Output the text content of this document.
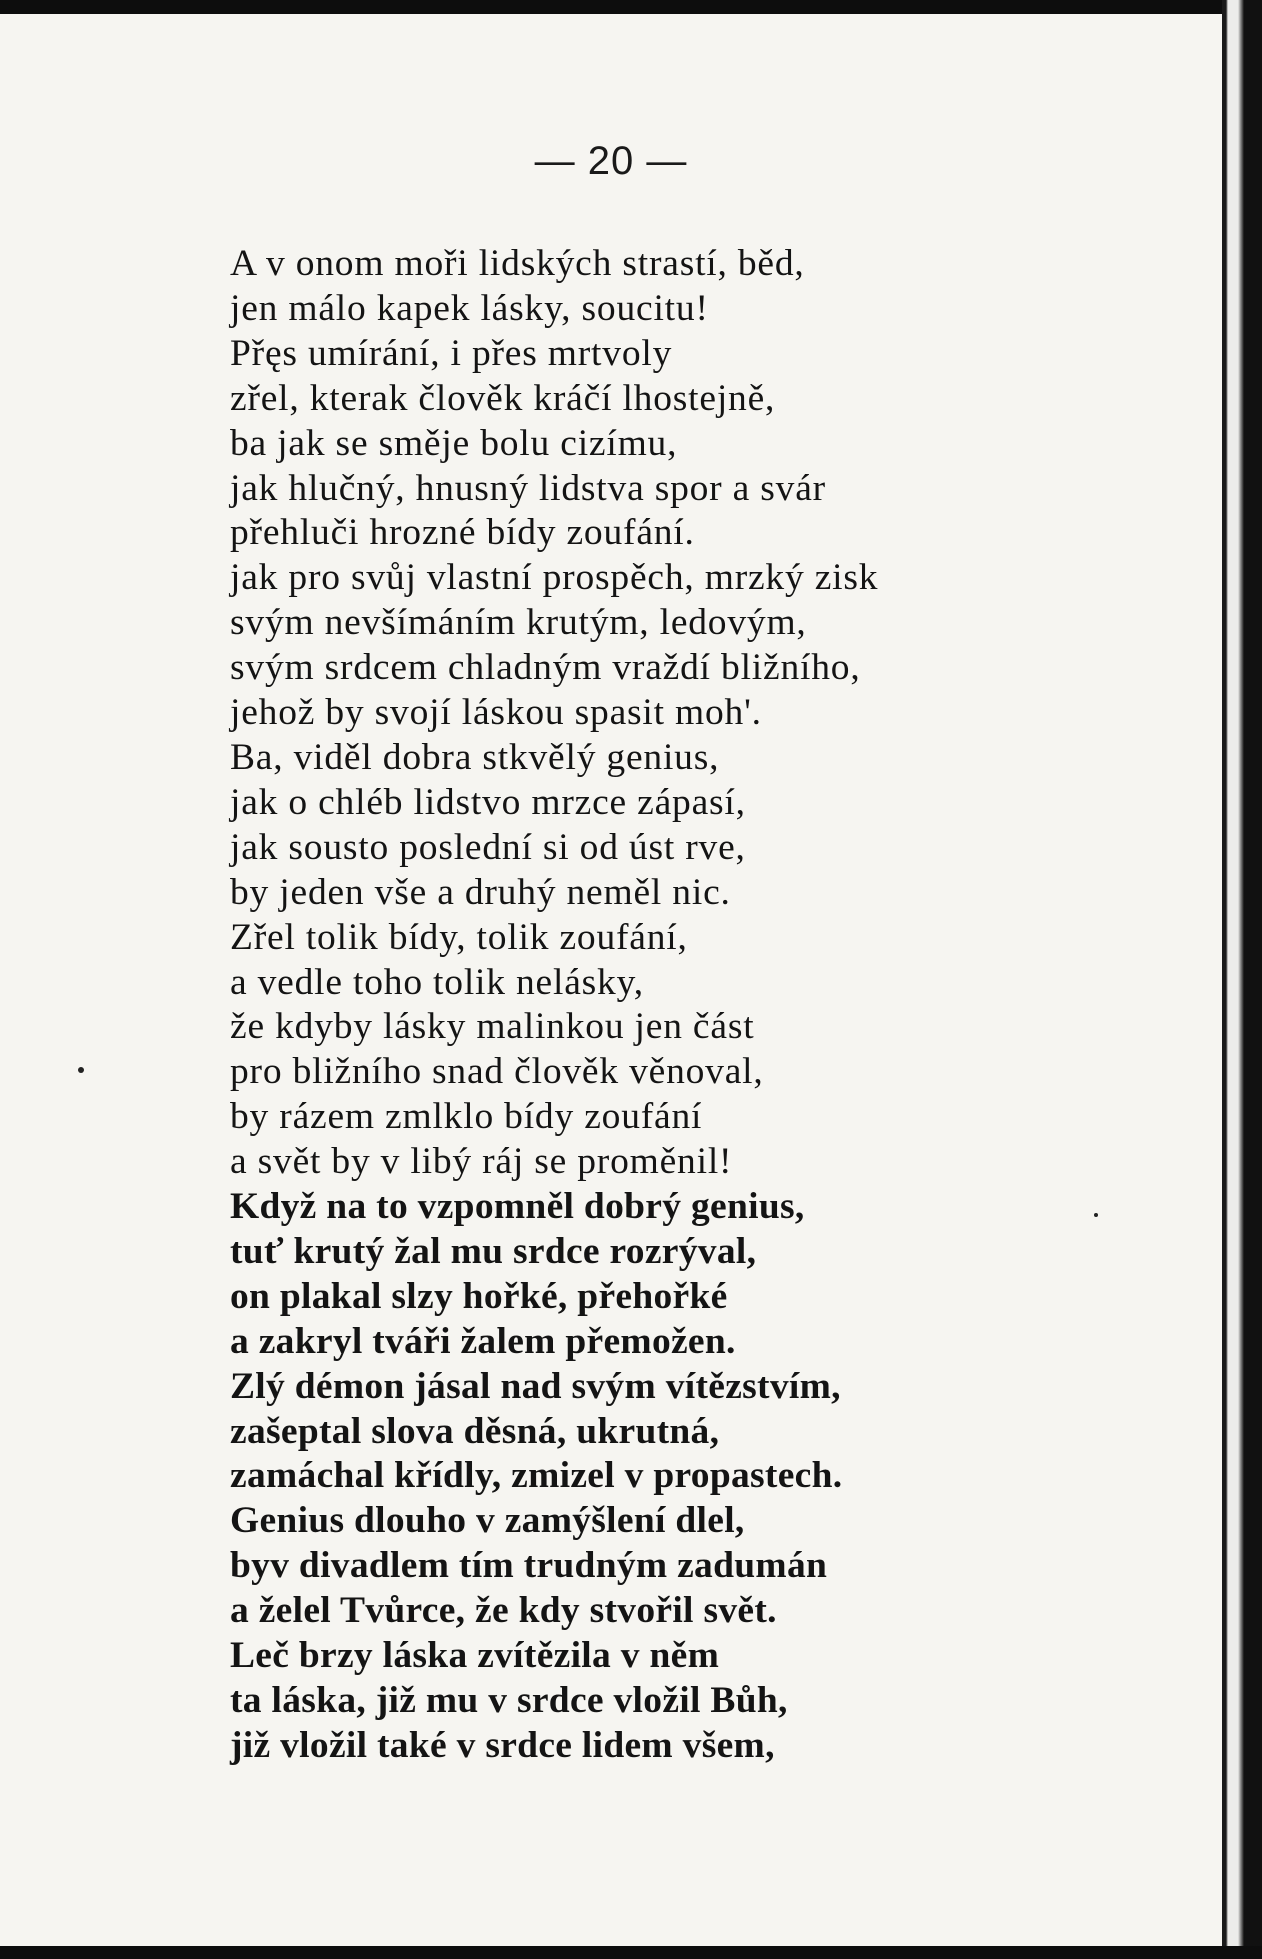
— 20 —
A v onom moři lidských strastí, běd,
jen málo kapek lásky, soucitu!
Přęs umírání, i přes mrtvoly
zřel, kterak člověk kráčí lhostejně,
ba jak se směje bolu cizímu,
jak hlučný, hnusný lidstva spor a svár
přehluči hrozné bídy zoufání.
jak pro svůj vlastní prospěch, mrzký zisk
svým nevšímáním krutým, ledovým,
svým srdcem chladným vraždí bližního,
jehož by svojí láskou spasit moh'.
Ba, viděl dobra stkvělý genius,
jak o chléb lidstvo mrzce zápasí,
jak sousto poslední si od úst rve,
by jeden vše a druhý neměl nic.
Zřel tolik bídy, tolik zoufání,
a vedle toho tolik nelásky,
že kdyby lásky malinkou jen část
pro bližního snad člověk věnoval,
by rázem zmlklo bídy zoufání
a svět by v libý ráj se proměnil!
Když na to vzpomněl dobrý genius,
tuť krutý žal mu srdce rozrýval,
on plakal slzy hořké, přehořké
a zakryl tváři žalem přemožen.
Zlý démon jásal nad svým vítězstvím,
zašeptal slova děsná, ukrutná,
zamáchal křídly, zmizel v propastech.
Genius dlouho v zamýšlení dlel,
byv divadlem tím trudným zadumán
a želel Tvůrce, že kdy stvořil svět.
Leč brzy láska zvítězila v něm
ta láska, již mu v srdce vložil Bůh,
již vložil také v srdce lidem všem,
